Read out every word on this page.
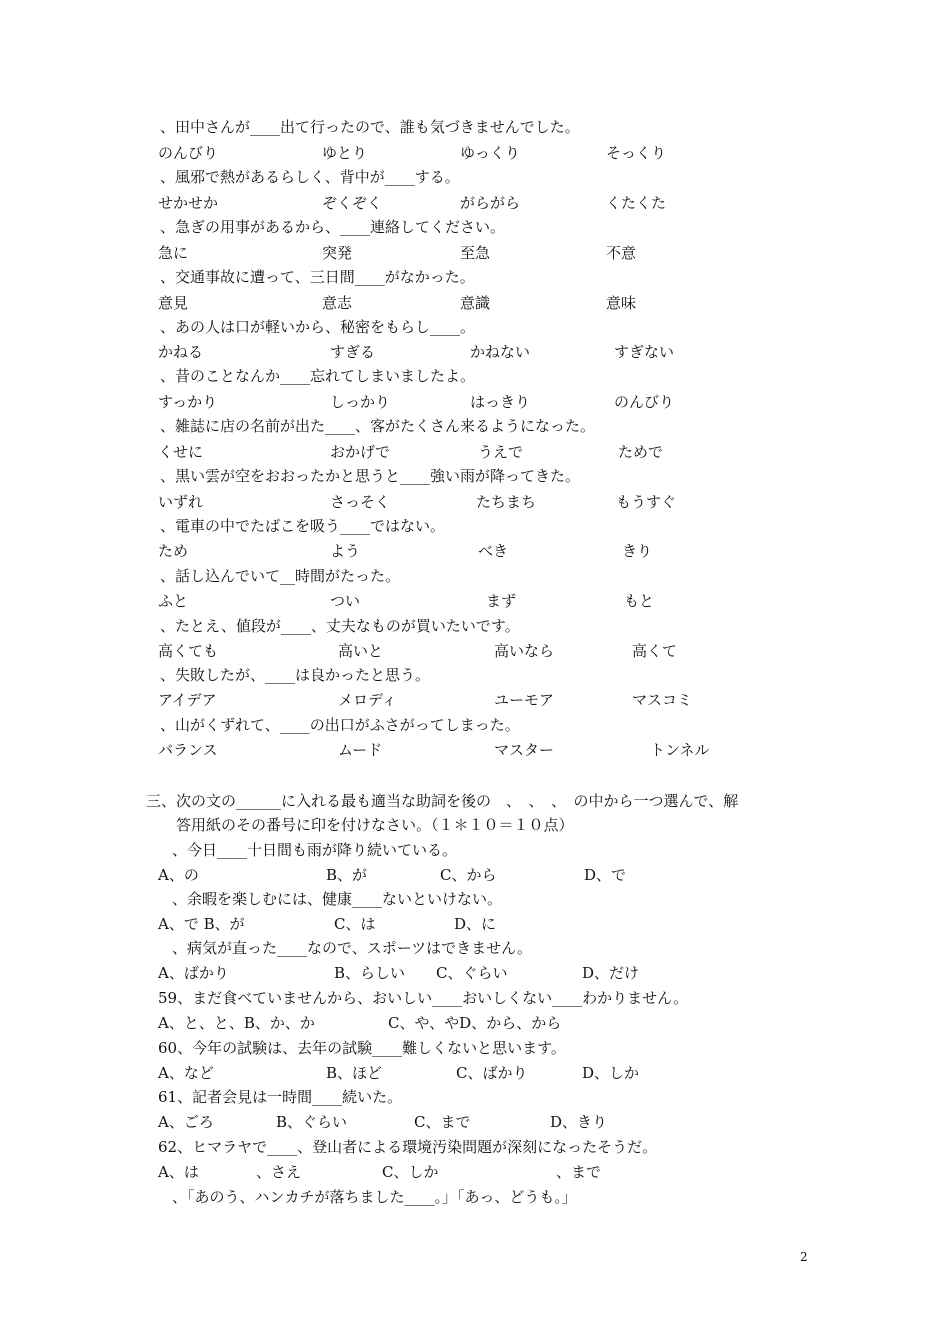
、田中さんが____出て行ったので、誰も気づきませんでした。
のんびり	ゆとり	ゆっくり	そっくり
、風邪で熱があるらしく、背中が____する。
せかせか	ぞくぞく	がらがら	くたくた
、急ぎの用事があるから、____連絡してください。
急に	突発	至急	不意
、交通事故に遭って、三日間____がなかった。
意見	意志	意識	意味
、あの人は口が軽いから、秘密をもらし____。
かねる	すぎる	かねない	すぎない
、昔のことなんか____忘れてしまいましたよ。
すっかり	しっかり	はっきり	のんびり
、雑誌に店の名前が出た____、客がたくさん来るようになった。
くせに	おかげで	うえで	ためで
、黒い雲が空をおおったかと思うと____強い雨が降ってきた。
いずれ	さっそく	たちまち	もうすぐ
、電車の中でたばこを吸う____ではない。
ため	よう	べき	きり
、話し込んでいて__時間がたった。
ふと	つい	まず	もと
、たとえ、値段が____、丈夫なものが買いたいです。
高くても	高いと	高いなら	高くて
、失敗したが、____は良かったと思う。
アイデア	メロディ	ユーモア	マスコミ
、山がくずれて、____の出口がふさがってしまった。
バランス	ムード	マスター	トンネル
三、次の文の______に入れる最も適当な助詞を後の　、　、　、　の中から一つ選んで、解
答用紙のその番号に印を付けなさい。（１＊１０＝１０点）
、今日____十日間も雨が降り続いている。
A、の	B、が	C、から	D、で
、余暇を楽しむには、健康____ないといけない。
A、で B、が	C、は	D、に
、病気が直った____なので、スポーツはできません。
A、ばかり	B、らしい C、ぐらい	D、だけ
59、まだ食べていませんから、おいしい____おいしくない____わかりません。
A、と、と、B、か、か	C、や、やD、から、から
60、今年の試験は、去年の試験____難しくないと思います。
A、など	B、ほど	C、ばかり	D、しか
61、記者会見は一時間____続いた。
A、ごろ	B、ぐらい	C、まで	D、きり
62、ヒマラヤで____、登山者による環境汚染問題が深刻になったそうだ。
A、は	、さえ	C、しか	、まで
、「あのう、ハンカチが落ちました____。」「あっ、どうも。」
2
